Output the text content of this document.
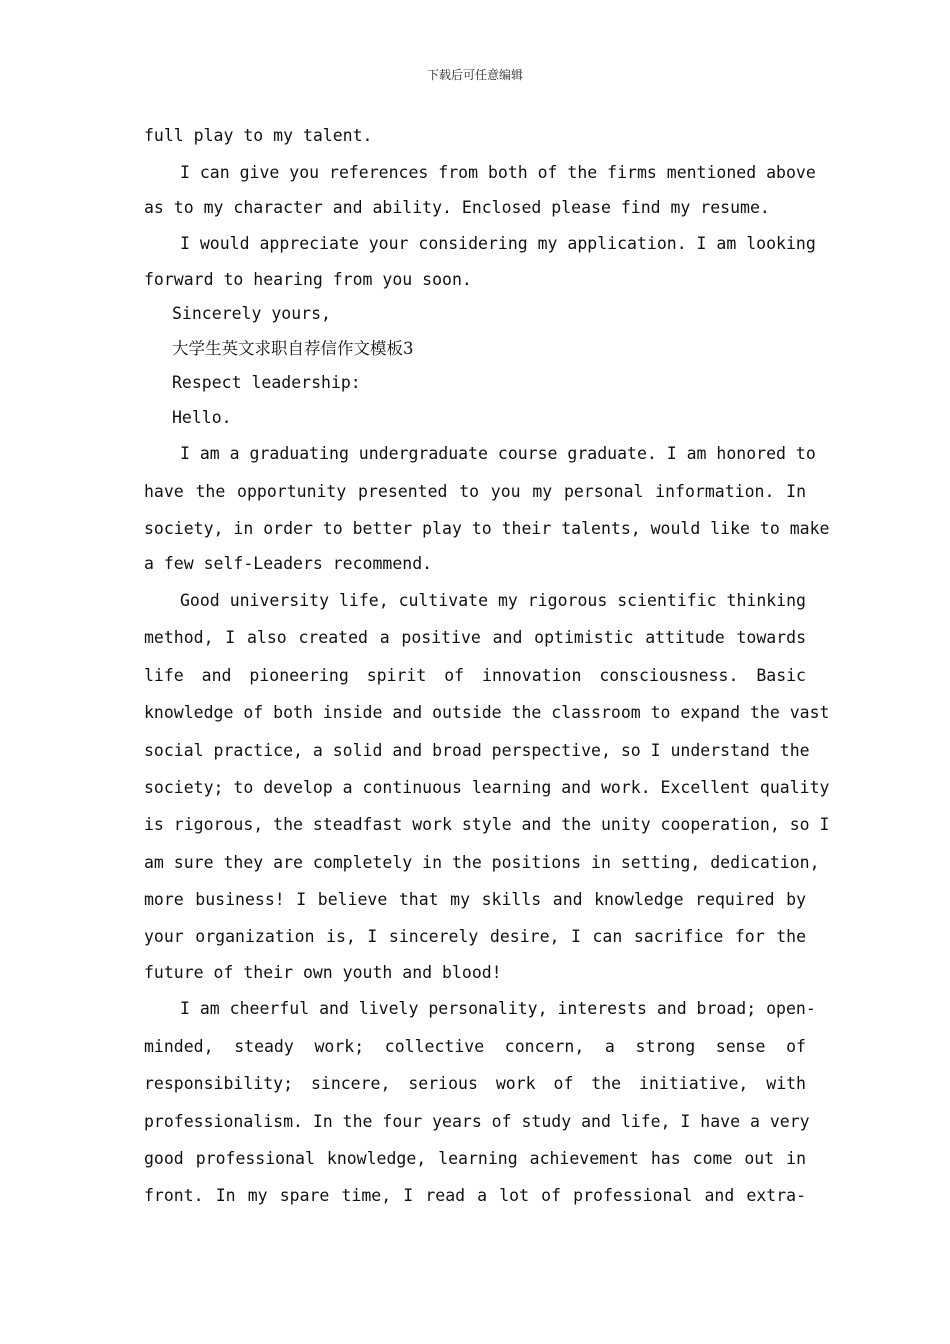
下载后可任意编辑
full play to my talent.
I can give you references from both of the firms mentioned above
as to my character and ability. Enclosed please find my resume.
I would appreciate your considering my application. I am looking
forward to hearing from you soon.
Sincerely yours,
大学生英文求职自荐信作文模板3
Respect leadership:
Hello.
I am a graduating undergraduate course graduate. I am honored to
have the opportunity presented to you my personal information. In
society, in order to better play to their talents, would like to make
a few self-Leaders recommend.
Good university life, cultivate my rigorous scientific thinking
method, I also created a positive and optimistic attitude towards
life and pioneering spirit of innovation consciousness. Basic
knowledge of both inside and outside the classroom to expand the vast
social practice, a solid and broad perspective, so I understand the
society; to develop a continuous learning and work. Excellent quality
is rigorous, the steadfast work style and the unity cooperation, so I
am sure they are completely in the positions in setting, dedication,
more business! I believe that my skills and knowledge required by
your organization is, I sincerely desire, I can sacrifice for the
future of their own youth and blood!
I am cheerful and lively personality, interests and broad; open-
minded, steady work; collective concern, a strong sense of
responsibility; sincere, serious work of the initiative, with
professionalism. In the four years of study and life, I have a very
good professional knowledge, learning achievement has come out in
front. In my spare time, I read a lot of professional and extra-
